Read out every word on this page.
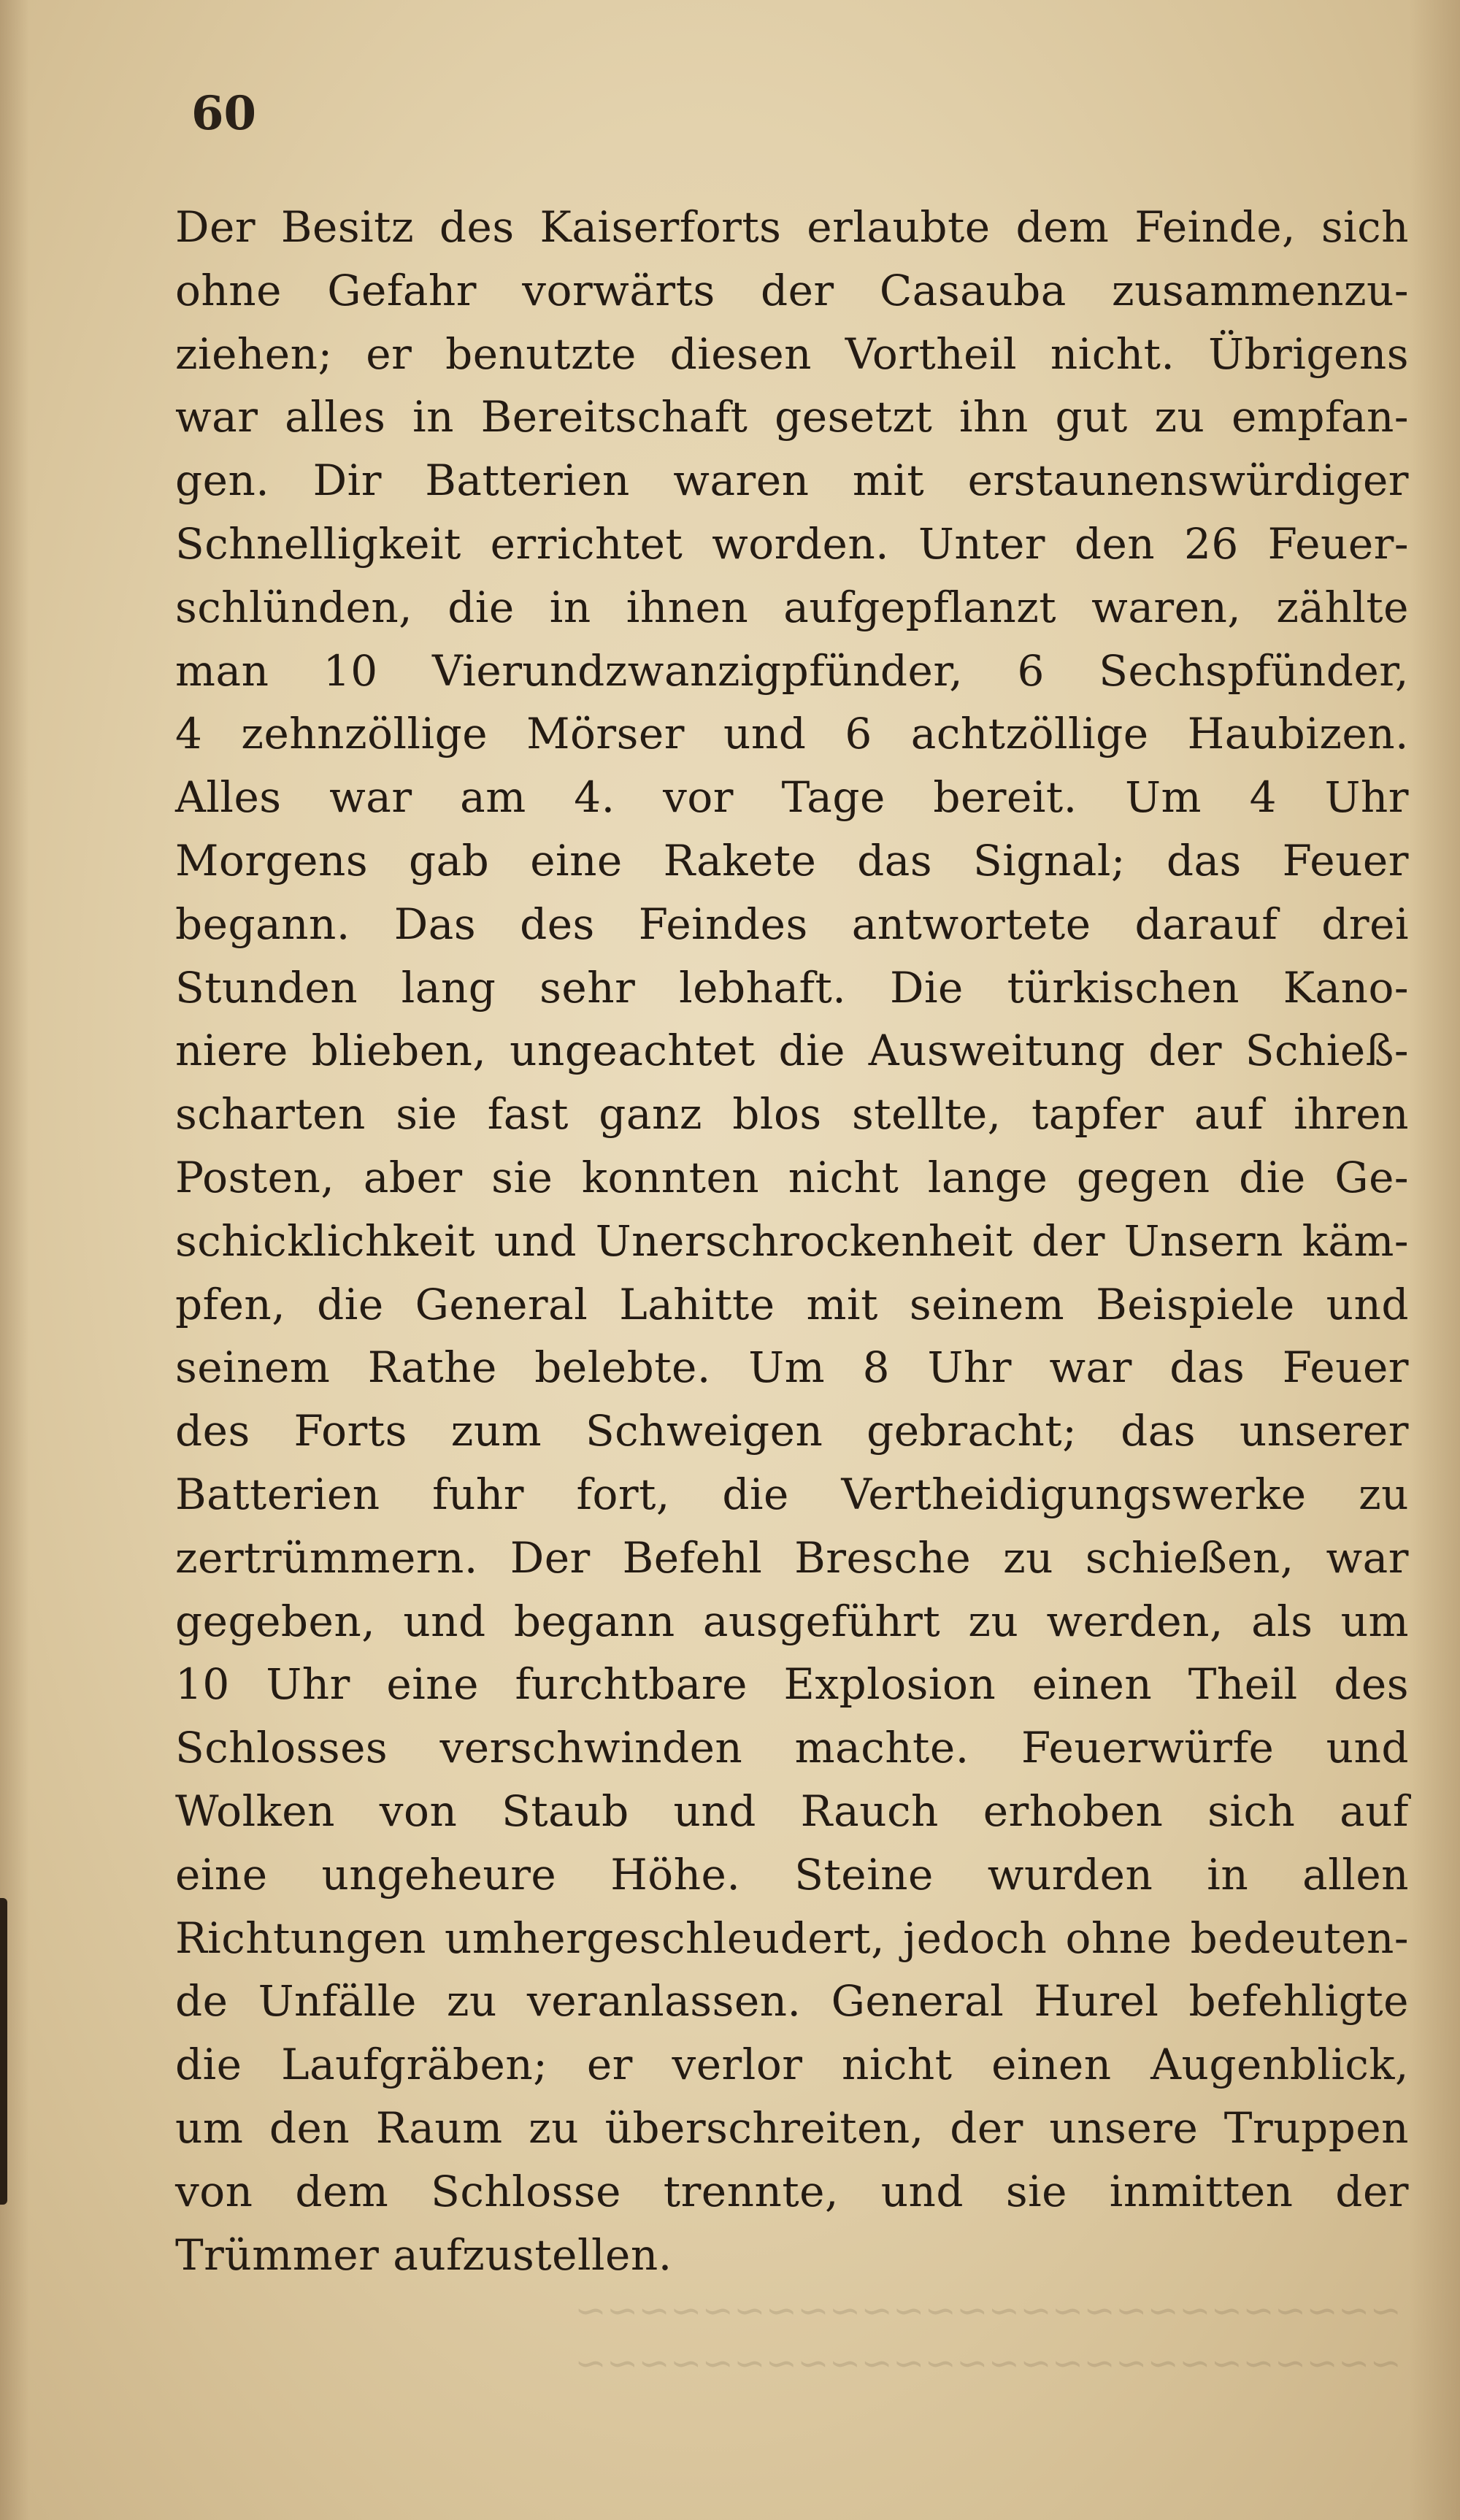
60
Der Besitz des Kaiserforts erlaubte dem Feinde, sich
ohne Gefahr vorwärts der Casauba zusammenzu-
ziehen; er benutzte diesen Vortheil nicht. Übrigens
war alles in Bereitschaft gesetzt ihn gut zu empfan-
gen. Dir Batterien waren mit erstaunenswürdiger
Schnelligkeit errichtet worden. Unter den 26 Feuer-
schlünden, die in ihnen aufgepflanzt waren, zählte
man 10 Vierundzwanzigpfünder, 6 Sechspfünder,
4 zehnzöllige Mörser und 6 achtzöllige Haubizen.
Alles war am 4. vor Tage bereit. Um 4 Uhr
Morgens gab eine Rakete das Signal; das Feuer
begann. Das des Feindes antwortete darauf drei
Stunden lang sehr lebhaft. Die türkischen Kano-
niere blieben, ungeachtet die Ausweitung der Schieß-
scharten sie fast ganz blos stellte, tapfer auf ihren
Posten, aber sie konnten nicht lange gegen die Ge-
schicklichkeit und Unerschrockenheit der Unsern käm-
pfen, die General Lahitte mit seinem Beispiele und
seinem Rathe belebte. Um 8 Uhr war das Feuer
des Forts zum Schweigen gebracht; das unserer
Batterien fuhr fort, die Vertheidigungswerke zu
zertrümmern. Der Befehl Bresche zu schießen, war
gegeben, und begann ausgeführt zu werden, als um
10 Uhr eine furchtbare Explosion einen Theil des
Schlosses verschwinden machte. Feuerwürfe und
Wolken von Staub und Rauch erhoben sich auf
eine ungeheure Höhe. Steine wurden in allen
Richtungen umhergeschleudert, jedoch ohne bedeuten-
de Unfälle zu veranlassen. General Hurel befehligte
die Laufgräben; er verlor nicht einen Augenblick,
um den Raum zu überschreiten, der unsere Truppen
von dem Schlosse trennte, und sie inmitten der
Trümmer aufzustellen.
~~~~~~~~~~~~~~~~~~~~~~~~~~
~~~~~~~~~~~~~~~~~~~~~~~~~~
